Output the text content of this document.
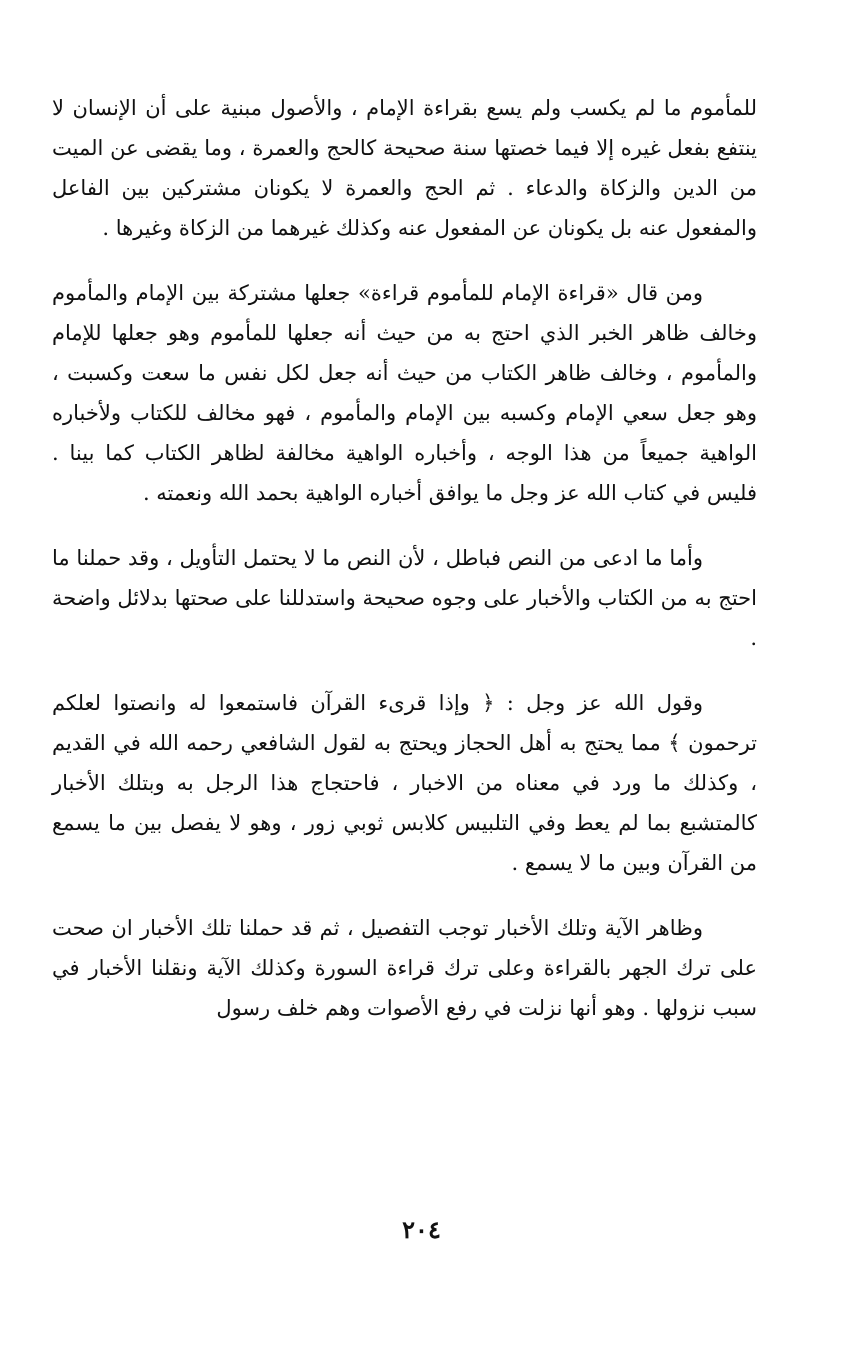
للمأموم ما لم يكسب ولم يسع بقراءة الإمام ، والأصول مبنية على أن الإنسان لا ينتفع بفعل غيره إلا فيما خصتها سنة صحيحة كالحج والعمرة ، وما يقضى عن الميت من الدين والزكاة والدعاء . ثم الحج والعمرة لا يكونان مشتركين بين الفاعل والمفعول عنه بل يكونان عن المفعول عنه وكذلك غيرهما من الزكاة وغيرها .

ومن قال «قراءة الإمام للمأموم قراءة» جعلها مشتركة بين الإمام والمأموم وخالف ظاهر الخبر الذي احتج به من حيث أنه جعلها للمأموم وهو جعلها للإمام والمأموم ، وخالف ظاهر الكتاب من حيث أنه جعل لكل نفس ما سعت وكسبت ، وهو جعل سعي الإمام وكسبه بين الإمام والمأموم ، فهو مخالف للكتاب ولأخباره الواهية جميعاً من هذا الوجه ، وأخباره الواهية مخالفة لظاهر الكتاب كما بينا . فليس في كتاب الله عز وجل ما يوافق أخباره الواهية بحمد الله ونعمته .

وأما ما ادعى من النص فباطل ، لأن النص ما لا يحتمل التأويل ، وقد حملنا ما احتج به من الكتاب والأخبار على وجوه صحيحة واستدللنا على صحتها بدلائل واضحة .

وقول الله عز وجل : ﴿ وإذا قرىء القرآن فاستمعوا له وانصتوا لعلكم ترحمون ﴾ مما يحتج به أهل الحجاز ويحتج به لقول الشافعي رحمه الله في القديم ، وكذلك ما ورد في معناه من الاخبار ، فاحتجاج هذا الرجل به وبتلك الأخبار كالمتشبع بما لم يعط وفي التلبيس كلابس ثوبي زور ، وهو لا يفصل بين ما يسمع من القرآن وبين ما لا يسمع .

وظاهر الآية وتلك الأخبار توجب التفصيل ، ثم قد حملنا تلك الأخبار ان صحت على ترك الجهر بالقراءة وعلى ترك قراءة السورة وكذلك الآية ونقلنا الأخبار في سبب نزولها . وهو أنها نزلت في رفع الأصوات وهم خلف رسول

٢٠٤
